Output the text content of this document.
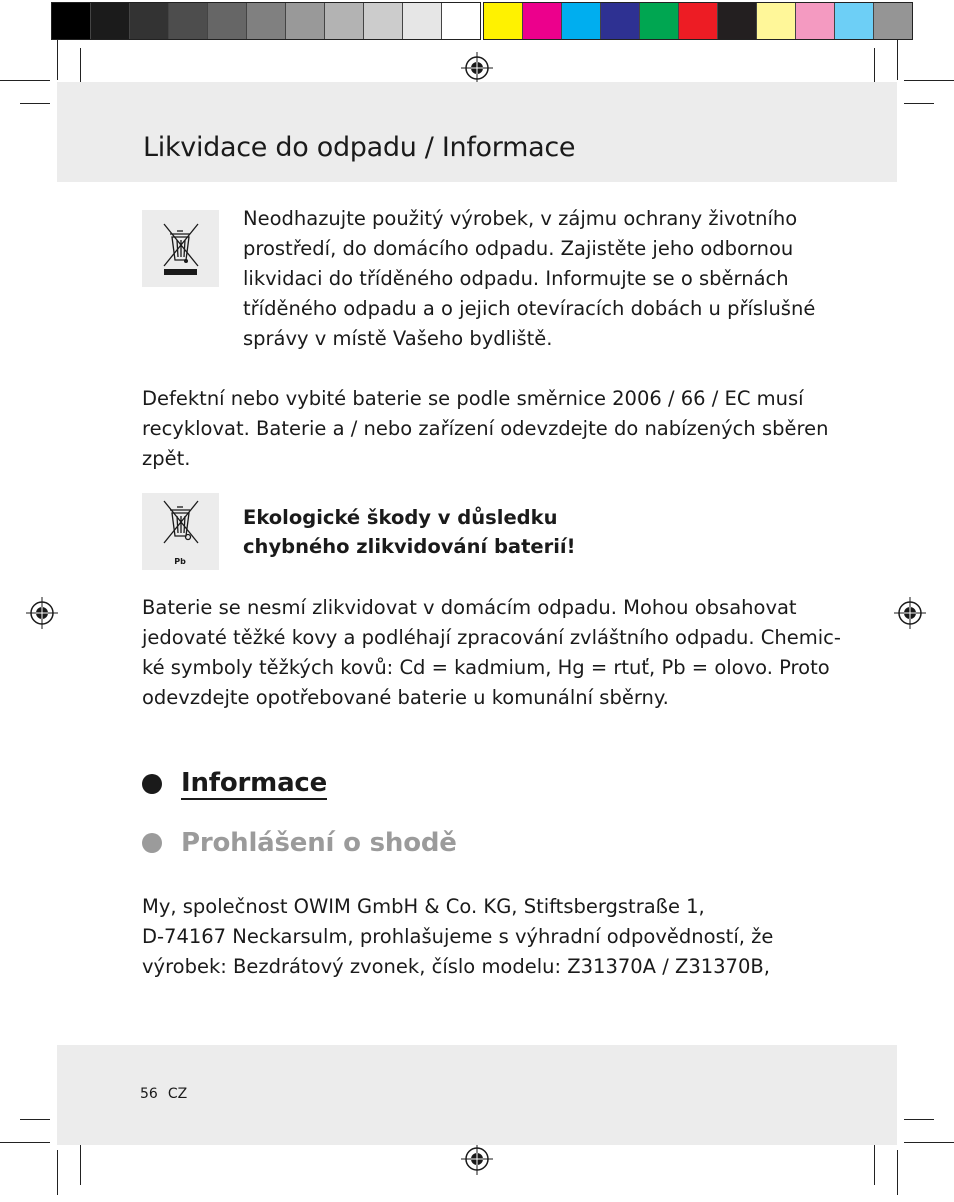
Likvidace do odpadu / Informace
Neodhazujte použitý výrobek, v zájmu ochrany životního
prostředí, do domácího odpadu. Zajistěte jeho odbornou
likvidaci do tříděného odpadu. Informujte se o sběrnách
tříděného odpadu a o jejich otevíracích dobách u příslušné
správy v místě Vašeho bydliště.
Defektní nebo vybité baterie se podle směrnice 2006 / 66 / EC musí
recyklovat. Baterie a / nebo zařízení odevzdejte do nabízených sběren
zpět.
Pb
Ekologické škody v důsledku
chybného zlikvidování baterií!
Baterie se nesmí zlikvidovat v domácím odpadu. Mohou obsahovat
jedovaté těžké kovy a podléhají zpracování zvláštního odpadu. Chemic-
ké symboly těžkých kovů: Cd = kadmium, Hg = rtuť, Pb = olovo. Proto
odevzdejte opotřebované baterie u komunální sběrny.
Informace
Prohlášení o shodě
My, společnost OWIM GmbH & Co. KG, Stiftsbergstraße 1,
D-74167 Neckarsulm, prohlašujeme s výhradní odpovědností, že
výrobek: Bezdrátový zvonek, číslo modelu: Z31370A / Z31370B,
56 CZ
